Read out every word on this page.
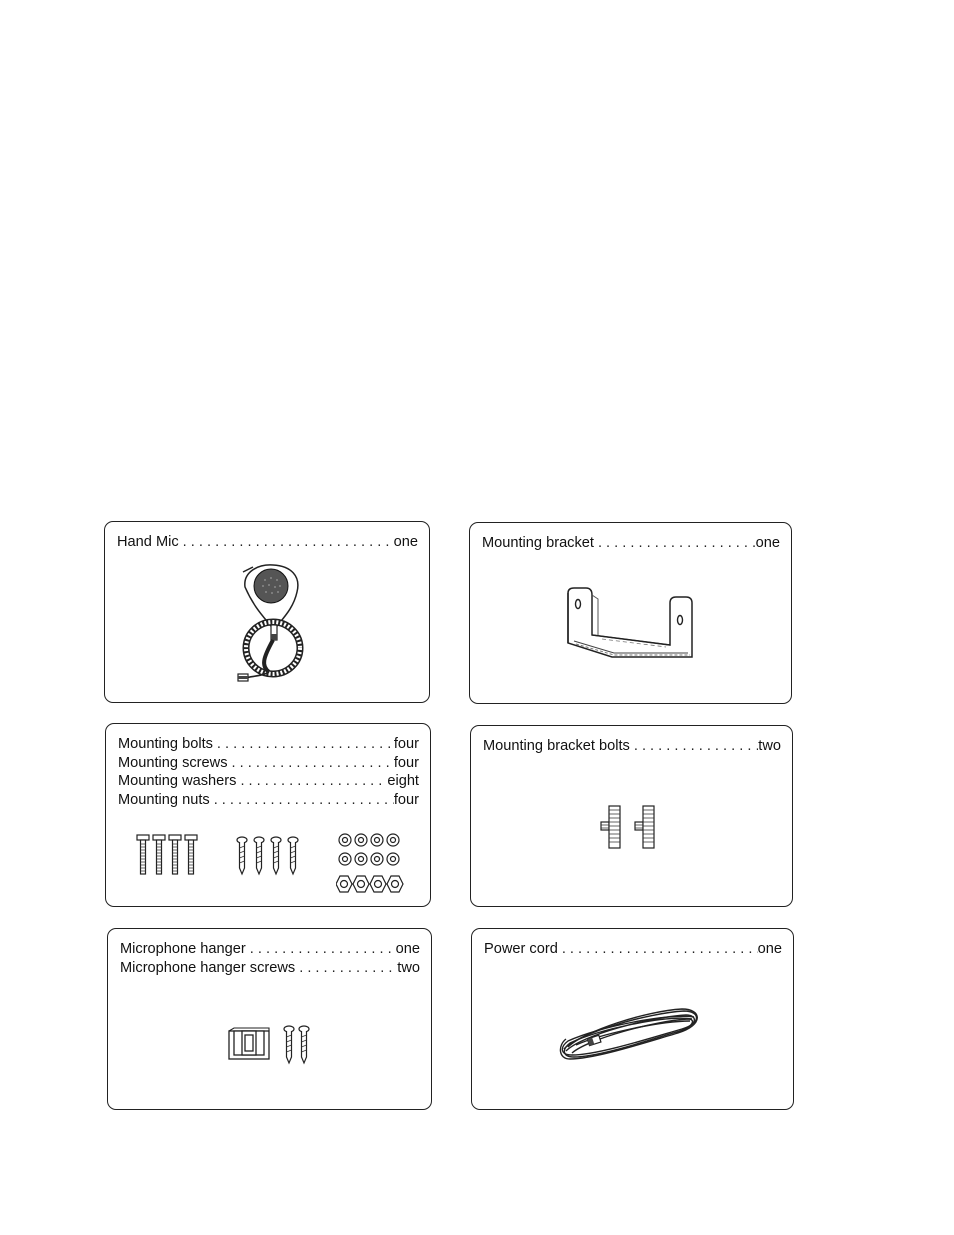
Hand Mic . . .	one	Mounting bracket . . .	one
Mounting bolts . . .	four
Mounting screws . . .	four
Mounting washers . . .	eight
Mounting nuts . . .	four
Mounting bracket bolts . . .	two
Microphone hanger . . .	one
Microphone hanger screws . . .	two
Power cord . . .	one
